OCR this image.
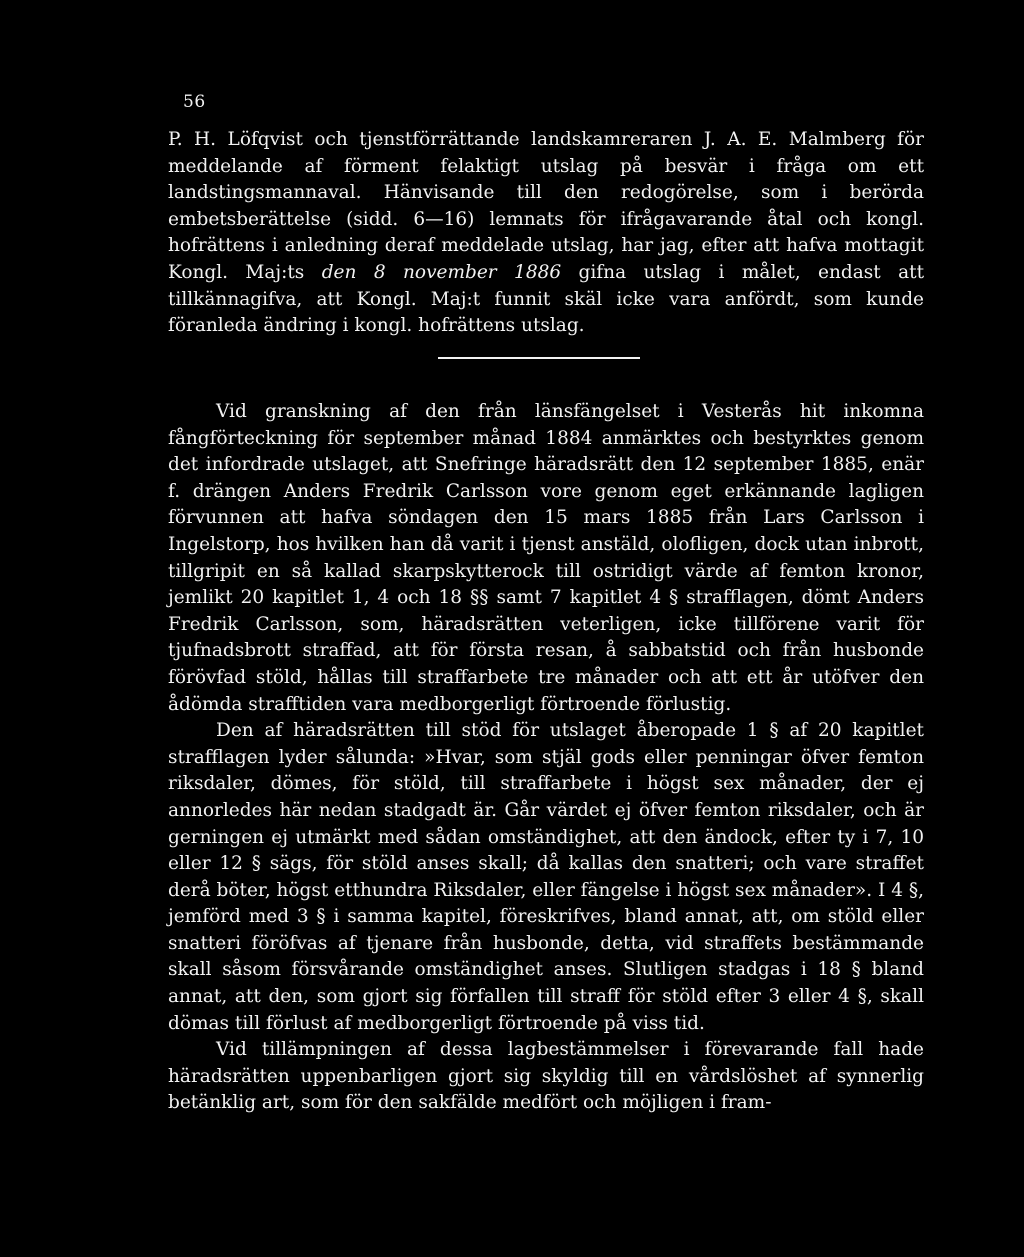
56

P. H. Löfqvist och tjenstförrättande landskamreraren J. A. E. Malmberg för meddelande af förment felaktigt utslag på besvär i fråga om ett landstingsmannaval. Hänvisande till den redogörelse, som i berörda embetsberättelse (sidd. 6—16) lemnats för ifrågavarande åtal och kongl. hofrättens i anledning deraf meddelade utslag, har jag, efter att hafva mottagit Kongl. Maj:ts den 8 november 1886 gifna utslag i målet, endast att tillkännagifva, att Kongl. Maj:t funnit skäl icke vara anfördt, som kunde föranleda ändring i kongl. hofrättens utslag.

Vid granskning af den från länsfängelset i Vesterås hit inkomna fångförteckning för september månad 1884 anmärktes och bestyrktes genom det infordrade utslaget, att Snefringe häradsrätt den 12 september 1885, enär f. drängen Anders Fredrik Carlsson vore genom eget erkännande lagligen förvunnen att hafva söndagen den 15 mars 1885 från Lars Carlsson i Ingelstorp, hos hvilken han då varit i tjenst anstäld, olofligen, dock utan inbrott, tillgripit en så kallad skarpskytterock till ostridigt värde af femton kronor, jemlikt 20 kapitlet 1, 4 och 18 §§ samt 7 kapitlet 4 § strafflagen, dömt Anders Fredrik Carlsson, som, häradsrätten veterligen, icke tillförene varit för tjufnadsbrott straffad, att för första resan, å sabbatstid och från husbonde förövfad stöld, hållas till straffarbete tre månader och att ett år utöfver den ådömda strafftiden vara medborgerligt förtroende förlustig.

Den af häradsrätten till stöd för utslaget åberopade 1 § af 20 kapitlet strafflagen lyder sålunda: »Hvar, som stjäl gods eller penningar öfver femton riksdaler, dömes, för stöld, till straffarbete i högst sex månader, der ej annorledes här nedan stadgadt är. Går värdet ej öfver femton riksdaler, och är gerningen ej utmärkt med sådan omständighet, att den ändock, efter ty i 7, 10 eller 12 § sägs, för stöld anses skall; då kallas den snatteri; och vare straffet derå böter, högst etthundra Riksdaler, eller fängelse i högst sex månader». I 4 §, jemförd med 3 § i samma kapitel, föreskrifves, bland annat, att, om stöld eller snatteri föröfvas af tjenare från husbonde, detta, vid straffets bestämmande skall såsom försvårande omständighet anses. Slutligen stadgas i 18 § bland annat, att den, som gjort sig förfallen till straff för stöld efter 3 eller 4 §, skall dömas till förlust af medborgerligt förtroende på viss tid.

Vid tillämpningen af dessa lagbestämmelser i förevarande fall hade häradsrätten uppenbarligen gjort sig skyldig till en vårdslöshet af synnerlig betänklig art, som för den sakfälde medfört och möjligen i fram-
